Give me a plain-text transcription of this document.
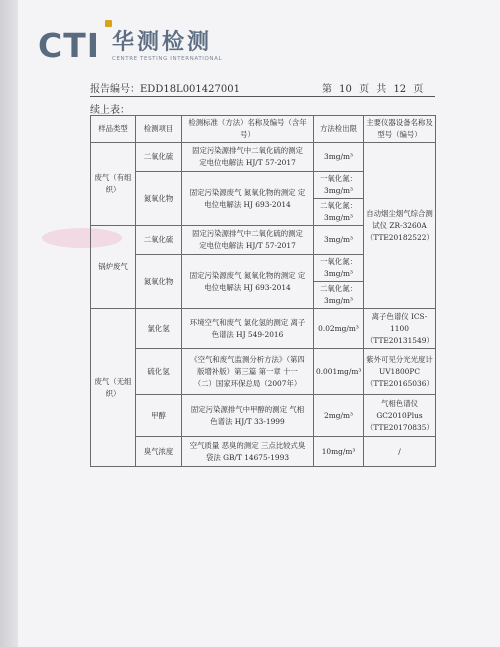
CTI 华测检测
CENTRE TESTING INTERNATIONAL
报告编号：EDD18L001427001	第 10 页 共 12 页
续上表：
样品类型	检测项目	检测标准（方法）名称及编号（含年号）	方法检出限	主要仪器设备名称及型号（编号）
废气（有组织）	二氧化硫	固定污染源排气中二氧化硫的测定 定电位电解法 HJ/T 57-2017	3mg/m³	自动烟尘烟气综合测试仪 ZR-3260A（TTE20182522）
	氮氧化物	固定污染源废气 氮氧化物的测定 定电位电解法 HJ 693-2014	一氧化氮：3mg/m³	
			二氧化氮：3mg/m³	
锅炉废气	二氧化硫	固定污染源排气中二氧化硫的测定 定电位电解法 HJ/T 57-2017	3mg/m³	
	氮氧化物	固定污染源废气 氮氧化物的测定 定电位电解法 HJ 693-2014	一氧化氮：3mg/m³	
			二氧化氮：3mg/m³	
废气（无组织）	氯化氢	环境空气和废气 氯化氢的测定 离子色谱法 HJ 549-2016	0.02mg/m³	离子色谱仪 ICS-1100（TTE20131549）
	硫化氢	《空气和废气监测分析方法》（第四版增补版）第三篇 第一章 十一（二）国家环保总局（2007年）	0.001mg/m³	紫外可见分光光度计 UV1800PC（TTE20165036）
	甲醇	固定污染源排气中甲醇的测定 气相色谱法 HJ/T 33-1999	2mg/m³	气相色谱仪 GC2010Plus（TTE20170835）
	臭气浓度	空气质量 恶臭的测定 三点比较式臭袋法 GB/T 14675-1993	10mg/m³	/
